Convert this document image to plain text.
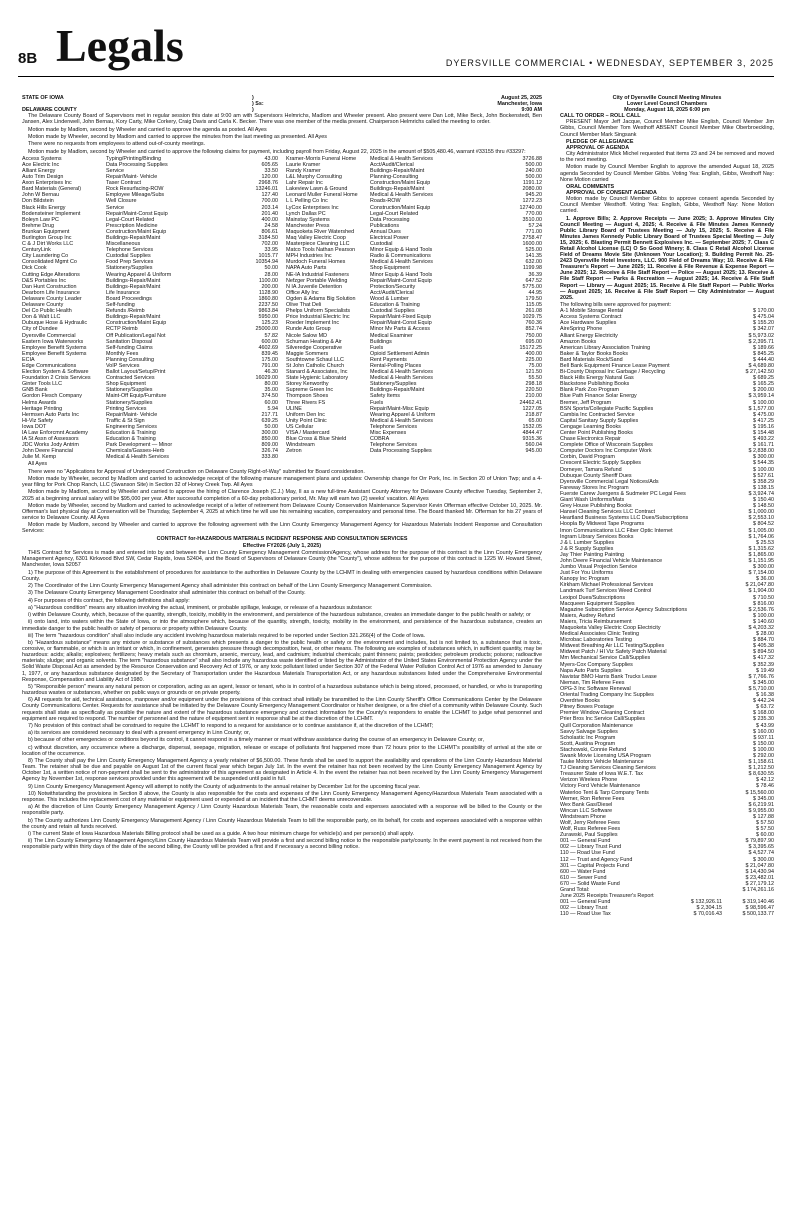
8B Legals	DYERSVILLE COMMERCIAL • WEDNESDAY, SEPTEMBER 3, 2025
STATE OF IOWA	)	August 25, 2025
) Ss:	Manchester, Iowa
DELAWARE COUNTY	)	9:00 AM

The Delaware County Board of Supervisors met in regular session this date at 9:00 am with Supervisors Helmrichs, Madlom and Wheeler present. Also present were Dan Lott, Mike Beck, John Bockenstedt, Ben Jansen, Alex Lindenwell, John Bernau, Kory Carty, Mike Corkery, Craig Davis and Carla K. Becker. There was one member of the media present. Chairperson Helmrichs called the meeting to order.

Motion made by Madlom, second by Wheeler and carried to approve the agenda as posted. All Ayes

Motion made by Wheeler, second by Madlom and carried to approve the minutes from the last meeting as presented. All Ayes

There were no requests from employees to attend out-of-county meetings.

Motion made by Madlom, second by Wheeler and carried to approve the following claims for payment, including payroll from Friday, August 22, 2025 in the amount of $505,480.46, warrant #33155 thru #33297:

Access Systems	Typing/Printing/Binding	43.00
Ace Electric Inc	Data Processing Supplies	605.65
Alliant Energy	Service	33.50
Auto Trim Design	Repair/Maint- Vehicle	120.00
Axon Enterprises Inc	Taser Contract	2968.76
Bard Materials (General)	Rock Resurfacing-ROW	13246.01
John W Bernau	Employee Mileage/Subs	127.40
Don Bildstein	Well Closure	700.00
Black Hills Energy	Service	203.14
Bodensteiner Implement	Repair/Maint-Const Equip	201.40
Boleyn Law PC	Legal-Court Related	400.00
Brehme Drug	Prescription Medicine	24.58
Brunkan Equipment	Construction/Maint Equip	806.61
Burlington Group Inc	Buildings-Repair/Maint	3184.50
C & J Dirt Works LLC	Miscellaneous	702.00
CenturyLink	Telephone Services	33.95
City Laundering Co	Custodial Supplies	1015.77
Consolidated Mgmt Co	Food Prep Services	10354.94
Dick Cook	Stationery/Supplies	50.00
Cutting Edge Alterations	Wearing Apparel & Uniform	28.00
D&S Portables Inc	Buildings-Repair/Maint	1100.00
Dan Hunt Construction	Buildings-Repair/Maint	200.00
Dearborn Life Insurance	Life Insurance	1128.90
Delaware County Leader	Board Proceedings	1860.80
Delaware County	Self-funding	2237.50
Del Co Public Health	Refunds /Reimb	9863.84
Don & Walt LLC	Buildings-Repair/Maint	5950.00
Dubuque Hose & Hydraulic	Construction/Maint Equip	125.23
City of Dundee	RCTP Reimb	25000.00
Dyersville Commercial	Off Publication/Legal Not	57.82
Eastern Iowa Waterworks	Sanitation Disposal	600.00
Employee Benefit Systems	Self-funding Claims	4602.69
Employee Benefit Systems	Monthly Fees	839.45
ECIA	Planning Consulting	175.00
Edge Communications	VoIP Services	791.00
Election System & Software	Ballot Layout/Setup/Print	46.30
Foundation 2 Crisis Services	Contracted Services	16029.00
Ginter Tools LLC	Shop Equipment	80.00
GNB Bank	Stationery/Supplies	35.00
Gordon Flesch Company	Maint-Off Equip/Furniture	374.50
Helms Awards	Stationery/Supplies	60.00
Heritage Printing	Printing Services	5.94
Hermsen Auto Parts Inc	Repair/Maint- Vehicle	217.71
Hi-Viz Safety	Traffic & St Sign	639.25
Iowa DOT	Engineering Services	50.00
IA Law Enforcmnt Academy	Education & Training	300.00
IA St Assn of Assessors	Education & Training	850.00
JDC Works Jody Antrim	Park Development — Minor	809.00
John Deere Financial	Chemicals/Gasses-Herb	326.74
Julie M. Kemp	Medical & Health Services	333.80
Kramer-Morris Funeral Home	Medical & Health Services	3726.88
Laurie Kramer	Acct/Audit/Clerical	500.00
Randy Kramer	Buildings-Repair/Maint	240.00
L&L Murphy Consulting	Planning-Consulting	500.00
Lahr Repair Inc	Construction/Maint Equip	1191.12
Lakeview Lawn & Ground	Buildings-Repair/Maint	2080.00
Leonard Muller Funeral Home	Medical & Health Services	945.20
L L Pelling Co Inc	Roads-ROW	1272.23
LyCox Enterprises Inc	Construction/Maint Equip	12740.00
Lynch Dallas PC	Legal-Court Related	770.00
Mainstay Systems	Data Processing	3510.00
Manchester Press	Publications	57.24
Maquoketa River Watershed	Annual Dues	771.00
Maq Valley Electric Coop	Electrical Power	2758.47
Masterpiece Cleaning LLC	Custodial	1600.00
Matco Tools Nathan Pearson	Minor Equip & Hand Tools	525.00
MPH Industries Inc	Radio & Communications	141.35
Murdoch Funeral Homes	Medical & Health Services	632.00
NAPA Auto Parts	Shop Equipment	1199.98
NE-IA Industrial Fasteners	Minor Equip & Hand Tools	36.39
Nefzger Portable Welding	Repair/Maint-Const Equip	647.52
N IA Juvenile Detention	Protection/Security	5775.00
Office Ally Inc	Acct/Audit/Clerical	44.95
Ogden & Adams Big Solution	Wood & Lumber	179.50
Olive That Deli	Education & Training	115.05
Phelps Uniform Specialists	Custodial Supplies	261.08
Price Industrial Electric Inc	Repair/Maint-Fixed Equip	1029.75
Roeder Implement Inc	Repair/Maint-Const Equip	760.36
Runde Auto Group	Minor Mv Parts & Access	852.74
Nicole Salow MD	Medical Examiner	750.00
Schuman Heating & Air	Buildings	695.00
Silveredge Cooperative	Fuels	15172.25
Maggie Sommers	Opioid Settlement Admin	400.00
Southtowne Schaul LLC	Rent Payments	225.00
St John Catholic Church	Rental-Polling Places	75.00
Stanard & Associates, Inc	Medical & Health Services	121.50
State Hygienic Laboratory	Medical & Health Services	55.50
Storey Kenworthy	Stationery/Supplies	298.18
Supreme Green Inc	Buildings-Repair/Maint	220.50
Thompson Shoes	Safety Items	210.00
Three Rivers FS	Fuels	24462.41
ULINE	Repair/Maint-Misc Equip	1227.05
Uniform Den Inc	Wearing Apparel & Uniform	218.87
Unity Point Clinic	Medical & Health Services	65.00
US Cellular	Telephone Services	1532.05
VISA / Mastercard	Misc Expenses	4844.47
Blue Cross & Blue Shield	COBRA	9315.36
Windstream	Telephone Services	560.04
Zetron	Data Processing Supplies	945.00

All Ayes

There were no "Applications for Approval of Underground Construction on Delaware County Right-of-Way" submitted for Board consideration.

Motion made by Wheeler, second by Madlom and carried to acknowledge receipt of the following manure management plans and updates: Ownership change for Orr Pork, Inc. in Section 20 of Union Twp; and a 4-year filing for Pork Chop Ranch, LLC (Swanson Site) in Section 32 of Honey Creek Twp. All Ayes

Motion made by Madlom, second by Wheeler and carried to approve the hiring of Clarence Joseph (C.J.) May, II as a new full-time Assistant County Attorney for Delaware County effective Tuesday, September 2, 2025 at a beginning annual salary will be $95,000 per year. After successful completion of a 60-day probationary period, Mr. May will earn two (2) weeks' vacation. All Ayes

Motion made by Wheeler, second by Madlom and carried to acknowledge receipt of a letter of retirement from Delaware County Conservation Maintenance Supervisor Kevin Offerman effective October 10, 2025. Mr. Offerman's last physical day at Conservation will be Thursday, September 4, 2025 at which time he will use his remaining vacation, compensatory and personal time. The Board thanked Mr. Offerman for his 27 years of service to Delaware County. All Ayes

Motion made by Madlom, second by Wheeler and carried to approve the following agreement with the Linn County Emergency Management Agency for Hazardous Materials Incident Response and Consultation Services:

CONTRACT for-HAZARDOUS MATERIALS INCIDENT RESPONSE AND CONSULTATION SERVICES

Effective FY2026 (July 1, 2025)

THIS Contract for Services is made and entered into by and between the Linn County Emergency Management Commission/Agency, whose address for the purpose of this contract is the Linn County Emergency Management Agency, 6301 Kirkwood Blvd SW, Cedar Rapids, Iowa 52404, and the Board of Supervisors of Delaware County (the "County"), whose address for the purpose of this contract is 1225 W. Howard Street, Manchester, Iowa 52057

1) The purpose of this Agreement is the establishment of procedures for assistance to the authorities in Delaware County by the LCHMT in dealing with emergencies caused by hazardous conditions within Delaware County.

2) The Coordinator of the Linn County Emergency Management Agency shall administer this contract on behalf of the Linn County Emergency Management Commission.

3) The Delaware County Emergency Management Coordinator shall administer this contract on behalf of the County.

4) For purposes of this contract, the following definitions shall apply:

a) "Hazardous condition" means any situation involving the actual, imminent, or probable spillage, leakage, or release of a hazardous substance:

i) within Delaware County, which, because of the quantity, strength, toxicity, mobility in the environment, and persistence of the hazardous substance, creates an immediate danger to the public health or safety; or

ii) onto land, into waters within the State of Iowa, or into the atmosphere which, because of the quantity, strength, toxicity, mobility in the environment, and persistence of the hazardous substance, creates an immediate danger to the public health or safety of persons or property within Delaware County.

iii) The term "hazardous condition" shall also include any accident involving hazardous materials required to be reported under Section 321.266(4) of the Code of Iowa.

b) "Hazardous substance" means any mixture or substance of substances which presents a danger to the public health or safety or the environment and includes, but is not limited to, a substance that is toxic, corrosive, or flammable, or which is an irritant or which, in confinement, generates pressure through decomposition, heat, or other means. The following are examples of substances which, in sufficient quantity, may be hazardous: acids; alkalis; explosives; fertilizers; heavy metals such as chromium, arsenic, mercury, lead, and cadmium; industrial chemicals; paint thinners; paints; pesticides; petroleum products; poisons; radioactive materials; sludge; and organic solvents. The term "hazardous substance" shall also include any hazardous waste identified or listed by the Administrator of the United States Environmental Protection Agency under the Solid Waste Disposal Act as amended by the Resource Conservation and Recovery Act of 1976, or any toxic pollutant listed under Section 307 of the Federal Water Pollution Control Act of 1976 as amended to January 1, 1977, or any hazardous substance designated by the Secretary of Transportation under the Hazardous Materials Transportation Act, or any hazardous substances listed under the Comprehensive Environmental Response, Compensation and Liability Act of 1980.

5) "Responsible person" means any natural person or corporation, acting as an agent, lessor or tenant, who is in control of a hazardous substance which is being stored, processed, or handled, or who is transporting hazardous wastes or substances, whether on public ways or grounds or on private property.

6) All requests for aid, technical assistance, manpower and/or equipment under the provisions of this contract shall initially be transmitted to the Linn County Sheriff's Office Communications Center by the Delaware County Communications Center. Requests for assistance shall be initiated by the Delaware County Emergency Management Coordinator or his/her designee, or a fire chief of a community within Delaware County. Such requests shall state as specifically as possible the nature and extent of the hazardous substance emergency and contact information for the County's responders to enable the LCHMT to judge what personnel and equipment are required to respond. The number of personnel and the nature of equipment sent in response shall be at the discretion of the LCHMT.

7) No provision of this contract shall be construed to require the LCHMT to respond to a request for assistance or to continue assistance if, at the discretion of the LCHMT;

a) its services are considered necessary to deal with a present emergency in Linn County; or,

b) because of other emergencies or conditions beyond its control, it cannot respond in a timely manner or must withdraw assistance during the course of an emergency in Delaware County; or,

c) without discretion, any occurrence where a discharge, dispersal, seepage, migration, release or escape of pollutants first happened more than 72 hours prior to the LCHMT's possibility of arrival at the site or location of the occurrence.

8) The County shall pay the Linn County Emergency Management Agency a yearly retainer of $6,500.00. These funds shall be used to support the availability and operations of the Linn County Hazardous Material Team. The retainer shall be due and payable on August 1st of the current fiscal year which began July 1st. In the event the retainer has not been received by the Linn County Emergency Management Agency by October 1st, a written notice of non-payment shall be sent to the administrator of this agreement as designated in Article 4. In the event the retainer has not been received by the Linn County Emergency Management Agency by November 1st, response services provided under this agreement will be suspended until paid in full.

9) Linn County Emergency Management Agency will attempt to notify the County of adjustments to the annual retainer by December 1st for the upcoming fiscal year.

10) Notwithstanding the provisions in Section 8 above, the County is also responsible for the costs and expenses of the Linn County Emergency Management Agency/Hazardous Materials Team associated with a response. This includes the replacement cost of any material or equipment used or expended at an incident that the LCHMT deems unrecoverable.

a) At the discretion of Linn County Emergency Management Agency / Linn County Hazardous Materials Team, the reasonable costs and expenses associated with a response will be billed to the County or the responsible party.

b) The County authorizes Linn County Emergency Management Agency / Linn County Hazardous Materials Team to bill the responsible party, on its behalf, for costs and expenses associated with a response within the county and retain all funds received.

i) The current State of Iowa Hazardous Materials Billing protocol shall be used as a guide. A two hour minimum charge for vehicle(s) and per person(s) shall apply.

ii) The Linn County Emergency Management Agency/Linn County Hazardous Materials Team will provide a first and second billing notice to the responsible party/county. In the event payment is not received from the responsible party within thirty days of the date of the second billing, the County will be provided a first and if necessary a second billing notice.

City of Dyersville Council Meeting Minutes
Lower Level Council Chambers
Monday, August 18, 2025 6:00 pm
CALL TO ORDER – ROLL CALL

PRESENT Mayor Jeff Jacque, Council Member Mike English, Council Member Jim Gibbs, Council Member Tom Westhoff ABSENT Council Member Mike Oberbroeckling, Council Member Mark Singsank

PLEDGE OF ALLEGIANCE
APPROVAL OF AGENDA

City Administrator Mick Michel requested that items 23 and 24 be removed and moved to the next meeting.

Motion made by Council Member English to approve the amended August 18, 2025 agenda Seconded by Council Member Gibbs. Voting Yea: English, Gibbs, Westhoff Nay: None Motion carried

ORAL COMMENTS
APPROVAL OF CONSENT AGENDA

Motion made by Council Member Gibbs to approve consent agenda Seconded by Council Member Westhoff. Voting Yea: English, Gibbs, Westhoff Nay: None Motion carried.

1. Approve Bills; 2. Approve Receipts — June 2025; 3. Approve Minutes City Council Meeting — August 4, 2025; 4. Receive & File Minutes James Kennedy Public Library Board of Trustees Meeting — July 15, 2025; 5. Receive & File Minutes James Kennedy Public Library Board of Trustees Special Meeting — July 15, 2025; 6. Blasting Permit Bennett Explosives Inc. — September 2025; 7. Class C Retail Alcohol License (LC) O So Good Winery; 8. Class C Retail Alcohol License Field of Dreams Movie Site (Unknown Your Location); 9. Building Permit No. 25-2423 Dyersville Hotel Investors, LLC. 900 Field of Dreams Way; 10. Receive & File Treasurer's Report — June 2025; 11. Receive & File Revenue & Expense Report — June 2025; 12. Receive & File Staff Report — Police — August 2025; 13. Receive & File Staff Report — Parks & Recreation — August 2025; 14. Receive & File Staff Report — Library — August 2025; 15. Receive & File Staff Report — Public Works — August 2025; 16. Receive & File Staff Report — City Administrator — August 2025.

The following bills were approved for payment:
A-1 Mobile Storage Rental	$ 170.00
Access Systems Contract	$ 475.04
Ace Hardware Supplies	$ 155.20
AireSpring Phone	$ 342.07
Alliant Energy Electricity	$ 5,973.02
Amazon Books	$ 2,395.71
American Library Association Training	$ 189.66
Baker & Taylor Books Books	$ 845.25
Bard Materials Rock/Sand	$ 444.40
Bell Bank Equipment Finance Lease Payment	$ 4,689.80
Bi-County Disposal Inc Garbage / Recycling	$ 27,142.50
Black Hills Energy Natural Gas	$ 689.25
Blackstone Publishing Books	$ 165.25
Blank Park Zoo Program	$ 200.00
Blue Path Finance Solar Energy	$ 3,959.14
Bremer, Jeff Program	$ 100.00
BSN Sports/Collegiate Pacific Supplies	$ 1,577.00
Cambia Inc Contracted Service	$ 475.00
Capital Sanitary Supply Supplies	$ 417.25
Cengage Learning Books	$ 195.16
Center Point Publishing Books	$ 154.48
Chase Electronics Repair	$ 493.22
Complete Office of Wisconsin Supplies	$ 161.71
Computer Doctors Inc Computer Work	$ 2,838.00
Corbin, David Program	$ 300.00
Crescent Electric Supply Supplies	$ 544.35
Dorneyer, Tamara Refund	$ 100.00
Dubuque County Sheriff Dues	$ 527.61
Dyersville Commercial Legal Notices/Ads	$ 358.29
Fareway Stores Inc Program	$ 138.15
Fuerste Carew Juergens & Sudmeier PC Legal Fees	$ 3,924.74
Giant Wash Uniforms/Mats	$ 150.40
Grey House Publishing Books	$ 148.50
Hansel Cleaning Services LLC Contract	$ 1,000.00
Heartland Business Systems LLC Dues/Subscriptions	$ 2,553.10
Hoopla By Midwest Tape Programs	$ 804.52
Imon Communications LLC Fiber Optic Internet	$ 1,005.00
Ingram Library Services Books	$ 1,764.06
J & L Lumber Supplies	$ 25.53
J & R Supply Supplies	$ 1,315.62
Jay Thier Painting Painting	$ 1,865.00
John Deere Financial Vehicle Maintenance	$ 1,151.95
Jumbo Visual Projection Service	$ 300.00
Just For You Uniforms	$ 7,154.00
Kanopy Inc Program	$ 36.00
Kirkham Michael Professional Services	$ 21,047.80
Landmark Turf Services Weed Control	$ 1,904.00
Lexipol Dues/Subscriptions	$ 710.50
Macqueen Equipment Supplies	$ 816.00
Magazine Subscription Service Agency Subscriptions	$ 2,536.76
Maiers, Audrey Refund	$ 100.00
Maiers, Tricia Reimbursement	$ 140.60
Maquoketa Valley Electric Coop Electricity	$ 4,203.32
Medical Associates Clinic Testing	$ 28.00
Microbac Laboratories Testing	$ 884.70
Midwest Breathing Air LLC Testing/Supplies	$ 405.38
Midwest Patch / HI Viz Safety Patch Material	$ 894.50
Mm Mechanical Service Call/Supplies	$ 417.32
Myers-Cox Company Supplies	$ 352.39
Napa Auto Parts Supplies	$ 19.49
Navistar BMO Harris Bank Trucks Lease	$ 7,766.76
Nieman, Tim Referee Fees	$ 345.00
OPG-3 Inc Software Renewal	$ 5,710.00
Oriental Trading Company Inc Supplies	$ 16.38
Overdrive Books	$ 442.24
Pitney Bowes Postage	$ 63.72
Premier Window Cleaning Contract	$ 168.00
Prier Bros Inc Service Call/Supplies	$ 235.30
Quill Corporation Maintenance	$ 43.99
Savvy Salvage Supplies	$ 160.00
Scholastic Inc Program	$ 937.11
Scott, Austina Program	$ 150.00
Stachowski, Connie Refund	$ 100.00
Swank Movie Licensing USA Program	$ 292.00
Tauke Motors Vehicle Maintenance	$ 1,158.61
TJ Cleaning Services Cleaning Services	$ 1,212.50
Treasurer State of Iowa W.E.T. Tax	$ 8,630.55
Verizon Wireless Phone	$ 42.12
Victory Ford Vehicle Maintenance	$ 78.46
Waterloo Tent & Tarp Company Tents	$ 15,560.00
Werner, Ron Referee Fees	$ 345.00
Wex Bank Gas/Diesel	$ 6,219.91
Wincan LLC Software	$ 9,955.00
Windstream Phone	$ 127.88
Wolf, Jerry Referee Fees	$ 57.50
Wolf, Russ Referee Fees	$ 57.50
Zurawski, Paul Supplies	$ 60.00
001 — General Fund	$ 79,897.90
002 — Library Trust Fund	$ 3,395.65
110 — Road Use Fund	$ 4,527.74
112 — Trust and Agency Fund	$ 300.00
301 — Capital Projects Fund	$ 21,047.80
600 — Water Fund	$ 14,430.94
610 — Sewer Fund	$ 23,482.01
670 — Solid Waste Fund	$ 27,179.12
Grand Total:	$ 174,261.16
June 2025 Receipts Treasurer's Report
001 — General Fund	$ 132,926.11	$ 319,140.46
002 — Library Trust	$ 2,304.15	$ 98,596.47
110 — Road Use Tax	$ 70,016.43	$ 500,133.77
